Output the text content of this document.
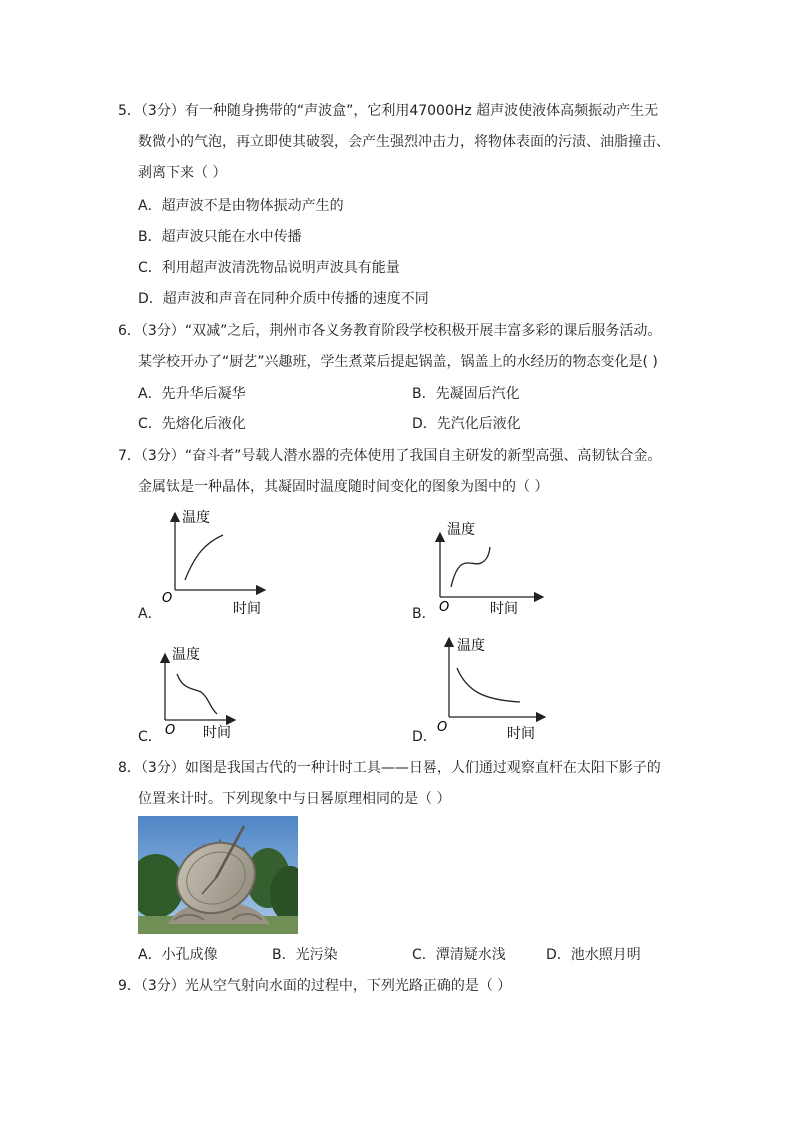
5．（3分）有一种随身携带的“声波盒”，它利用47000Hz 超声波使液体高频振动产生无
数微小的气泡，再立即使其破裂，会产生强烈冲击力，将物体表面的污渍、油脂撞击、
剥离下来（ ）
A．超声波不是由物体振动产生的
B．超声波只能在水中传播
C．利用超声波清洗物品说明声波具有能量
D．超声波和声音在同种介质中传播的速度不同
6．（3分）“双减”之后，荆州市各义务教育阶段学校积极开展丰富多彩的课后服务活动。
某学校开办了“厨艺”兴趣班，学生煮菜后提起锅盖，锅盖上的水经历的物态变化是( )
A．先升华后凝华	B．先凝固后汽化
C．先熔化后液化	D．先汽化后液化
7．（3分）“奋斗者”号载人潜水器的壳体使用了我国自主研发的新型高强、高韧钛合金。
金属钛是一种晶体，其凝固时温度随时间变化的图象为图中的（ ）
A．
温度
时间
O
B．
温度
时间
O
C．
温度
时间
O	D．
温度
时间
O
8．（3分）如图是我国古代的一种计时工具——日晷，人们通过观察直杆在太阳下影子的
位置来计时。下列现象中与日晷原理相同的是（ ）
A．小孔成像	B．光污染	C．潭清疑水浅	D．池水照月明
9．（3分）光从空气射向水面的过程中，下列光路正确的是（ ）
